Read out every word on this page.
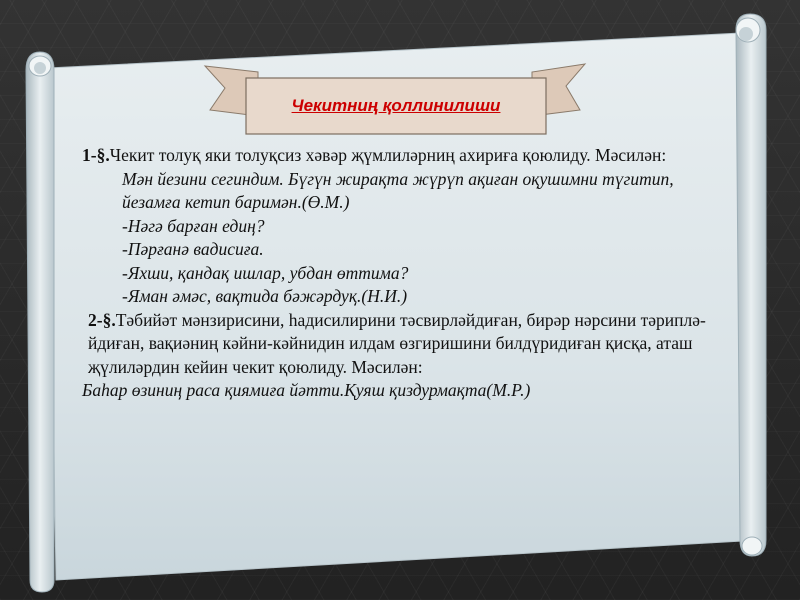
Чекитниң қоллинилиши

1-§.Чекит толуқ яки толуқсиз хәвәр җүмлиләрниң ахириға қоюлиду. Мәсилән:

Мән йезини сегиндим. Бүгүн жирақта жүрүп ақиған оқушимни түгитип, йезамға кетип баримән.(Ө.М.)

-Нәгә барған едиң?

-Пәрғанә вадисиға.

-Яхши, қандақ ишлар, убдан өттима?

-Яман әмәс, вақтида бәжәрдуқ.(Н.И.)

2-§.Тәбийәт мәнзирисини, һадисилирини тәсвирләйдиған, бирәр нәрсини тәрипләйдиған, вақиәниң кәйни-кәйнидин илдам өзгиришини билдүридиған қисқа, аташ җүлиләрдин кейин чекит қоюлиду. Мәсилән:

Баһар өзиниң раса қиямиға йәтти.Қуяш қиздурмақта(М.Р.)
